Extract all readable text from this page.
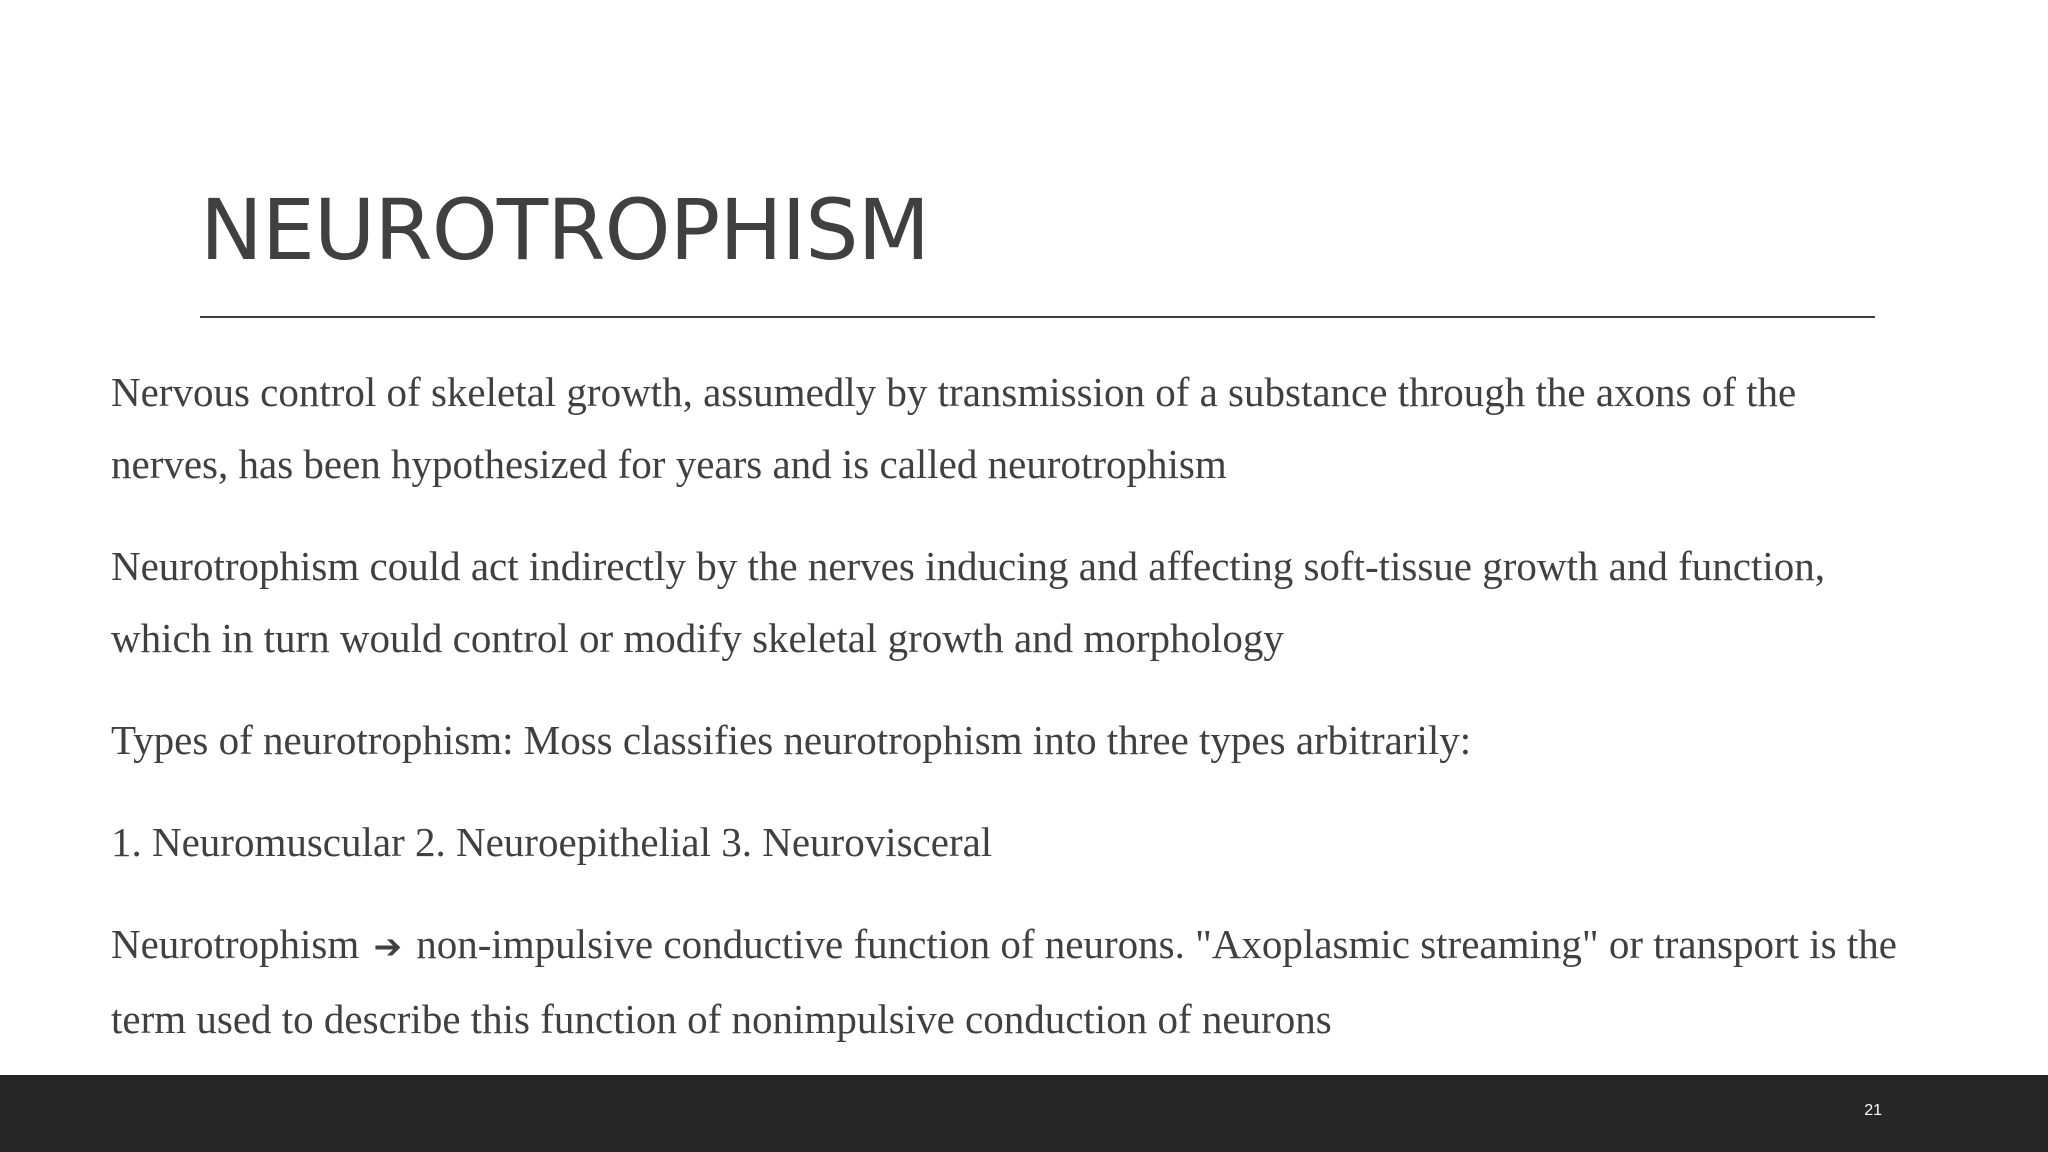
NEUROTROPHISM

Nervous control of skeletal growth, assumedly by transmission of a substance through the axons of the nerves, has been hypothesized for years and is called neurotrophism

Neurotrophism could act indirectly by the nerves inducing and affecting soft-tissue growth and function, which in turn would control or modify skeletal growth and morphology

Types of neurotrophism: Moss classifies neurotrophism into three types arbitrarily:

1. Neuromuscular 2. Neuroepithelial 3. Neurovisceral

Neurotrophism ➔ non-impulsive conductive function of neurons. "Axoplasmic streaming" or transport is the term used to describe this function of nonimpulsive conduction of neurons

21
